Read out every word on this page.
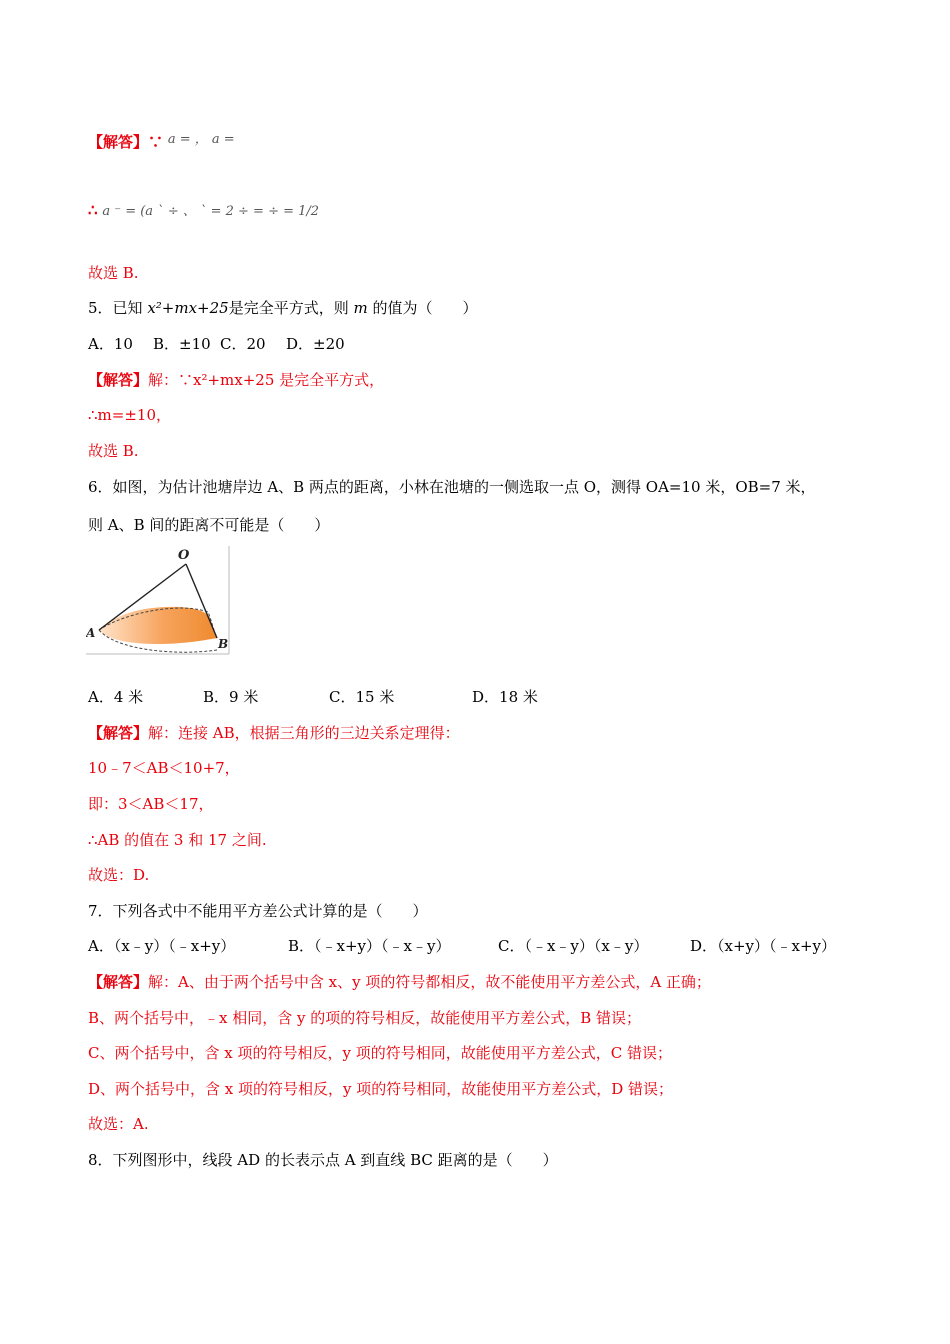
【解答】∵ a = ， a =
∴ a ⁻ = (a ˋ ÷ 、 ˋ = 2 ÷ = ÷ = 1/2
故选 B.
5．已知 x²+mx+25是完全平方式，则 m 的值为（　　）
A．10 B．±10 C．20 D．±20
【解答】解：∵x²+mx+25 是完全平方式，
∴m=±10，
故选 B.
6．如图，为估计池塘岸边 A、B 两点的距离，小林在池塘的一侧选取一点 O，测得 OA=10 米，OB=7 米，
则 A、B 间的距离不可能是（　　）
O
A
B
A．4 米	B．9 米	C．15 米	D．18 米
【解答】解：连接 AB，根据三角形的三边关系定理得：
10﹣7＜AB＜10+7，
即：3＜AB＜17，
∴AB 的值在 3 和 17 之间.
故选：D.
7．下列各式中不能用平方差公式计算的是（　　）
A．（x﹣y）（﹣x+y）	B．（﹣x+y）（﹣x﹣y）	C．（﹣x﹣y）（x﹣y）	D．（x+y）（﹣x+y）
【解答】解：A、由于两个括号中含 x、y 项的符号都相反，故不能使用平方差公式，A 正确；
B、两个括号中，﹣x 相同，含 y 的项的符号相反，故能使用平方差公式，B 错误；
C、两个括号中，含 x 项的符号相反，y 项的符号相同，故能使用平方差公式，C 错误；
D、两个括号中，含 x 项的符号相反，y 项的符号相同，故能使用平方差公式，D 错误；
故选：A.
8．下列图形中，线段 AD 的长表示点 A 到直线 BC 距离的是（　　）
